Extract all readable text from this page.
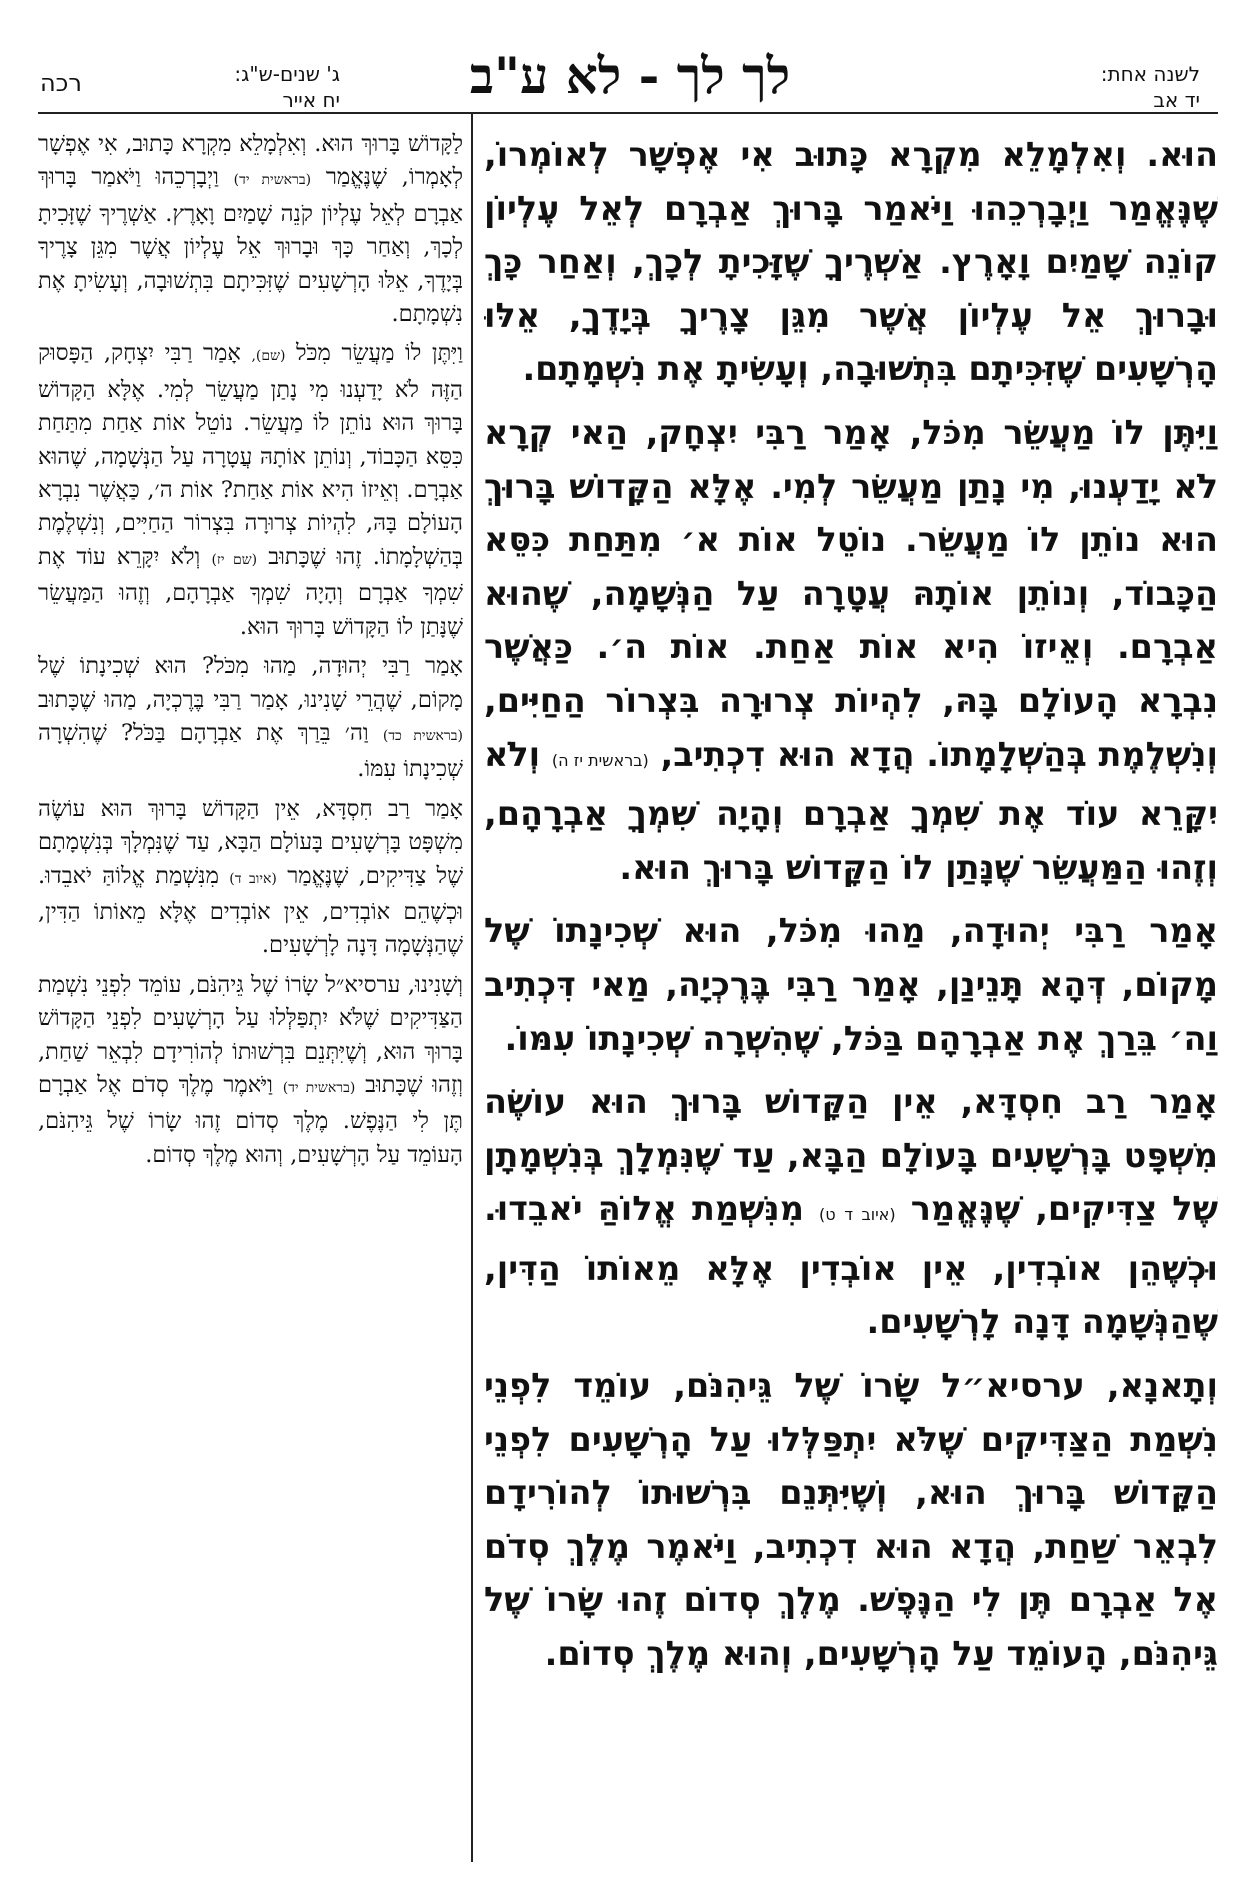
לשנה אחת:
יד אב
לך לך - לא ע"ב
ג' שנים-ש"ג:
יח אייר
רכה

הוּא. וְאִלְמָלֵא מִקְרָא כָּתוּב אִי אֶפְשָׁר לְאוֹמְרוֹ, שֶׁנֶּאֱמַר וַיְבָרְכֵהוּ וַיֹּאמַר בָּרוּךְ אַבְרָם לְאֵל עֶלְיוֹן קוֹנֵה שָׁמַיִם וָאָרֶץ. אַשְׁרֶיךָ שֶׁזָּכִיתָ לְכָךְ, וְאַחַר כָּךְ וּבָרוּךְ אֵל עֶלְיוֹן אֲשֶׁר מִגֵּן צָרֶיךָ בְּיָדֶךָ, אֵלּוּ הָרְשָׁעִים שֶׁזִּכִּיתָם בִּתְשׁוּבָה, וְעָשִׂיתָ אֶת נִשְׁמָתָם.

וַיִּתֶּן לוֹ מַעֲשֵׂר מִכֹּל, אָמַר רַבִּי יִצְחָק, הַאי קְרָא לֹא יָדַעְנוּ, מִי נָתַן מַעֲשֵׂר לְמִי. אֶלָּא הַקָּדוֹשׁ בָּרוּךְ הוּא נוֹתֵן לוֹ מַעֲשֵׂר. נוֹטֵל אוֹת א׳ מִתַּחַת כִּסֵּא הַכָּבוֹד, וְנוֹתֵן אוֹתָהּ עֲטָרָה עַל הַנְּשָׁמָה, שֶׁהוּא אַבְרָם. וְאֵיזוֹ הִיא אוֹת אַחַת. אוֹת ה׳. כַּאֲשֶׁר נִבְרָא הָעוֹלָם בָּהּ, לִהְיוֹת צְרוּרָה בִּצְרוֹר הַחַיִּים, וְנִשְׁלֶמֶת בְּהַשְׁלָמָתוֹ. הֲדָא הוּא דִכְתִיב, (בראשית יז ה) וְלֹא יִקָּרֵא עוֹד אֶת שִׁמְךָ אַבְרָם וְהָיָה שִׁמְךָ אַבְרָהָם, וְזֶהוּ הַמַּעֲשֵׂר שֶׁנָּתַן לוֹ הַקָּדוֹשׁ בָּרוּךְ הוּא.

אָמַר רַבִּי יְהוּדָה, מַהוּ מִכֹּל, הוּא שְׁכִינָתוֹ שֶׁל מָקוֹם, דְּהָא תָּנֵינַן, אָמַר רַבִּי בֶּרֶכְיָה, מַאי דִּכְתִיב וַה׳ בֵּרַךְ אֶת אַבְרָהָם בַּכֹּל, שֶׁהִשְׁרָה שְׁכִינָתוֹ עִמּוֹ.

אָמַר רַב חִסְדָּא, אֵין הַקָּדוֹשׁ בָּרוּךְ הוּא עוֹשֶׂה מִשְׁפָּט בָּרְשָׁעִים בָּעוֹלָם הַבָּא, עַד שֶׁנִּמְלָךְ בְּנִשְׁמָתָן שֶׁל צַדִּיקִים, שֶׁנֶּאֱמַר (איוב ד ט) מִנִּשְׁמַת אֱלוֹהַּ יֹאבֵדוּ. וּכְשֶׁהֵן אוֹבְדִין, אֵין אוֹבְדִין אֶלָּא מֵאוֹתוֹ הַדִּין, שֶׁהַנְּשָׁמָה דָּנָה לָרְשָׁעִים.

וְתָאנָא, ערסיא״ל שָׂרוֹ שֶׁל גֵּיהִנֹּם, עוֹמֵד לִפְנֵי נִשְׁמַת הַצַּדִּיקִים שֶׁלֹּא יִתְפַּלְּלוּ עַל הָרְשָׁעִים לִפְנֵי הַקָּדוֹשׁ בָּרוּךְ הוּא, וְשֶׁיִּתְּנֵם בִּרְשׁוּתוֹ לְהוֹרִידָם לִבְאֵר שַׁחַת, הֲדָא הוּא דִכְתִיב, וַיֹּאמֶר מֶלֶךְ סְדֹם אֶל אַבְרָם תֶּן לִי הַנֶּפֶשׁ. מֶלֶךְ סְדוֹם זֶהוּ שָׂרוֹ שֶׁל גֵּיהִנֹּם, הָעוֹמֵד עַל הָרְשָׁעִים, וְהוּא מֶלֶךְ סְדוֹם.

לַקָּדוֹשׁ בָּרוּךְ הוּא. וְאִלְמָלֵא מִקְרָא כָּתוּב, אִי אֶפְשָׁר לְאָמְרוֹ, שֶׁנֶּאֱמַר (בראשית יד) וַיְבָרְכֵהוּ וַיֹּאמַר בָּרוּךְ אַבְרָם לְאֵל עֶלְיוֹן קֹנֵה שָׁמַיִם וָאָרֶץ. אַשְׁרֶיךָ שֶׁזָּכִיתָ לְכָךְ, וְאַחַר כָּךְ וּבָרוּךְ אֵל עֶלְיוֹן אֲשֶׁר מִגֵּן צָרֶיךָ בְּיָדֶךָ, אֵלּוּ הָרְשָׁעִים שֶׁזִּכִּיתָם בִּתְשׁוּבָה, וְעָשִׂיתָ אֶת נִשְׁמָתָם.

וַיִּתֶּן לוֹ מַעֲשֵׂר מִכֹּל (שם), אָמַר רַבִּי יִצְחָק, הַפָּסוּק הַזֶּה לֹא יָדַעְנוּ מִי נָתַן מַעֲשֵׂר לְמִי. אֶלָּא הַקָּדוֹשׁ בָּרוּךְ הוּא נוֹתֵן לוֹ מַעֲשֵׂר. נוֹטֵל אוֹת אַחַת מִתַּחַת כִּסֵּא הַכָּבוֹד, וְנוֹתֵן אוֹתָהּ עֲטָרָה עַל הַנְּשָׁמָה, שֶׁהוּא אַבְרָם. וְאֵיזוֹ הִיא אוֹת אַחַת? אוֹת ה׳, כַּאֲשֶׁר נִבְרָא הָעוֹלָם בָּהּ, לִהְיוֹת צְרוּרָה בִּצְרוֹר הַחַיִּים, וְנִשְׁלֶמֶת בְּהַשְׁלָמָתוֹ. זֶהוּ שֶׁכָּתוּב (שם יז) וְלֹא יִקָּרֵא עוֹד אֶת שִׁמְךָ אַבְרָם וְהָיָה שִׁמְךָ אַבְרָהָם, וְזֶהוּ הַמַּעֲשֵׂר שֶׁנָּתַן לוֹ הַקָּדוֹשׁ בָּרוּךְ הוּא.

אָמַר רַבִּי יְהוּדָה, מַהוּ מִכֹּל? הוּא שְׁכִינָתוֹ שֶׁל מָקוֹם, שֶׁהֲרֵי שָׁנִינוּ, אָמַר רַבִּי בֶּרֶכְיָה, מַהוּ שֶׁכָּתוּב (בראשית כד) וַה׳ בֵּרַךְ אֶת אַבְרָהָם בַּכֹּל? שֶׁהִשְׁרָה שְׁכִינָתוֹ עִמּוֹ.

אָמַר רַב חִסְדָּא, אֵין הַקָּדוֹשׁ בָּרוּךְ הוּא עוֹשֶׂה מִשְׁפָּט בָּרְשָׁעִים בָּעוֹלָם הַבָּא, עַד שֶׁנִּמְלָךְ בְּנִשְׁמָתָם שֶׁל צַדִּיקִים, שֶׁנֶּאֱמַר (איוב ד) מִנִּשְׁמַת אֱלוֹהַּ יֹאבֵדוּ. וּכְשֶׁהֵם אוֹבְדִים, אֵין אוֹבְדִים אֶלָּא מֵאוֹתוֹ הַדִּין, שֶׁהַנְּשָׁמָה דָּנָה לָרְשָׁעִים.

וְשָׁנִינוּ, ערסיא״ל שָׂרוֹ שֶׁל גֵּיהִנֹּם, עוֹמֵד לִפְנֵי נִשְׁמַת הַצַּדִּיקִים שֶׁלֹּא יִתְפַּלְּלוּ עַל הָרְשָׁעִים לִפְנֵי הַקָּדוֹשׁ בָּרוּךְ הוּא, וְשֶׁיִּתְּנֵם בִּרְשׁוּתוֹ לְהוֹרִידָם לִבְאֵר שַׁחַת, וְזֶהוּ שֶׁכָּתוּב (בראשית יד) וַיֹּאמֶר מֶלֶךְ סְדֹם אֶל אַבְרָם תֶּן לִי הַנֶּפֶשׁ. מֶלֶךְ סְדוֹם זֶהוּ שָׂרוֹ שֶׁל גֵּיהִנֹּם, הָעוֹמֵד עַל הָרְשָׁעִים, וְהוּא מֶלֶךְ סְדוֹם.
